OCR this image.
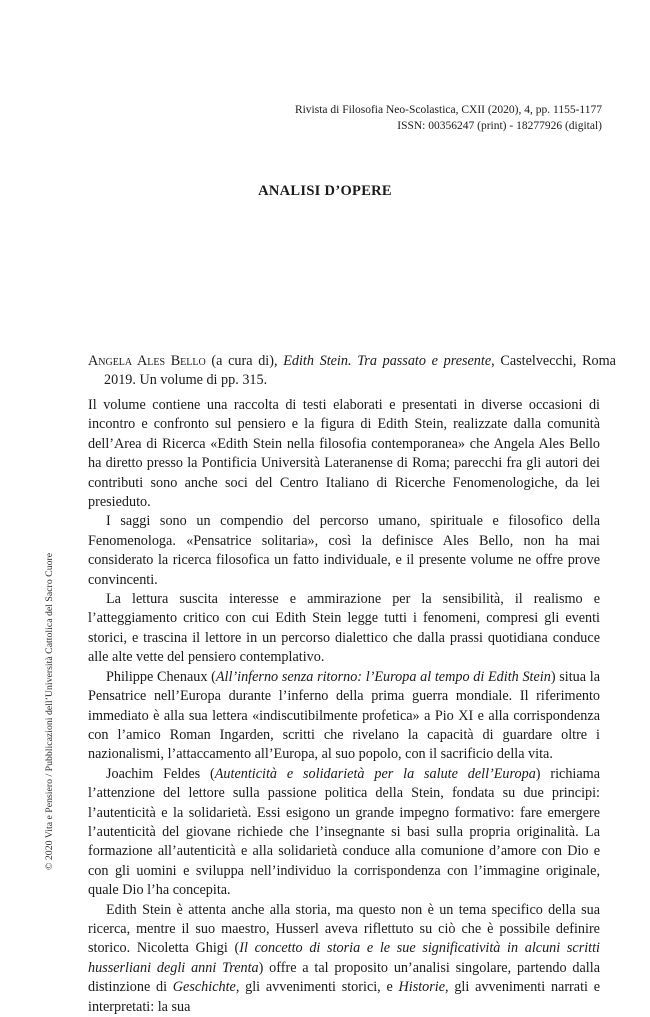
Rivista di Filosofia Neo-Scolastica, CXII (2020), 4, pp. 1155-1177
ISSN: 00356247 (print) - 18277926 (digital)
ANALISI D’OPERE
Angela Ales Bello (a cura di), Edith Stein. Tra passato e presente, Castelvecchi, Roma 2019. Un volume di pp. 315.

Il volume contiene una raccolta di testi elaborati e presentati in diverse occasioni di incontro e confronto sul pensiero e la figura di Edith Stein, realizzate dalla comunità dell’Area di Ricerca «Edith Stein nella filosofia contemporanea» che Angela Ales Bello ha diretto presso la Pontificia Università Lateranense di Roma; parecchi fra gli autori dei contributi sono anche soci del Centro Italiano di Ricerche Fenomenologiche, da lei presieduto.

I saggi sono un compendio del percorso umano, spirituale e filosofico della Fenomenologa. «Pensatrice solitaria», così la definisce Ales Bello, non ha mai considerato la ricerca filosofica un fatto individuale, e il presente volume ne offre prove convincenti.

La lettura suscita interesse e ammirazione per la sensibilità, il realismo e l’atteggiamento critico con cui Edith Stein legge tutti i fenomeni, compresi gli eventi storici, e trascina il lettore in un percorso dialettico che dalla prassi quotidiana conduce alle alte vette del pensiero contemplativo.

Philippe Chenaux (All’inferno senza ritorno: l’Europa al tempo di Edith Stein) situa la Pensatrice nell’Europa durante l’inferno della prima guerra mondiale. Il riferimento immediato è alla sua lettera «indiscutibilmente profetica» a Pio XI e alla corrispondenza con l’amico Roman Ingarden, scritti che rivelano la capacità di guardare oltre i nazionalismi, l’attaccamento all’Europa, al suo popolo, con il sacrificio della vita.

Joachim Feldes (Autenticità e solidarietà per la salute dell’Europa) richiama l’attenzione del lettore sulla passione politica della Stein, fondata su due principi: l’autenticità e la solidarietà. Essi esigono un grande impegno formativo: fare emergere l’autenticità del giovane richiede che l’insegnante si basi sulla propria originalità. La formazione all’autenticità e alla solidarietà conduce alla comunione d’amore con Dio e con gli uomini e sviluppa nell’individuo la corrispondenza con l’immagine originale, quale Dio l’ha concepita.

Edith Stein è attenta anche alla storia, ma questo non è un tema specifico della sua ricerca, mentre il suo maestro, Husserl aveva riflettuto su ciò che è possibile definire storico. Nicoletta Ghigi (Il concetto di storia e le sue significatività in alcuni scritti husserliani degli anni Trenta) offre a tal proposito un’analisi singolare, partendo dalla distinzione di Geschichte, gli avvenimenti storici, e Historie, gli avvenimenti narrati e interpretati: la sua

© 2020 Vita e Pensiero / Pubblicazioni dell’Università Cattolica del Sacro Cuore
